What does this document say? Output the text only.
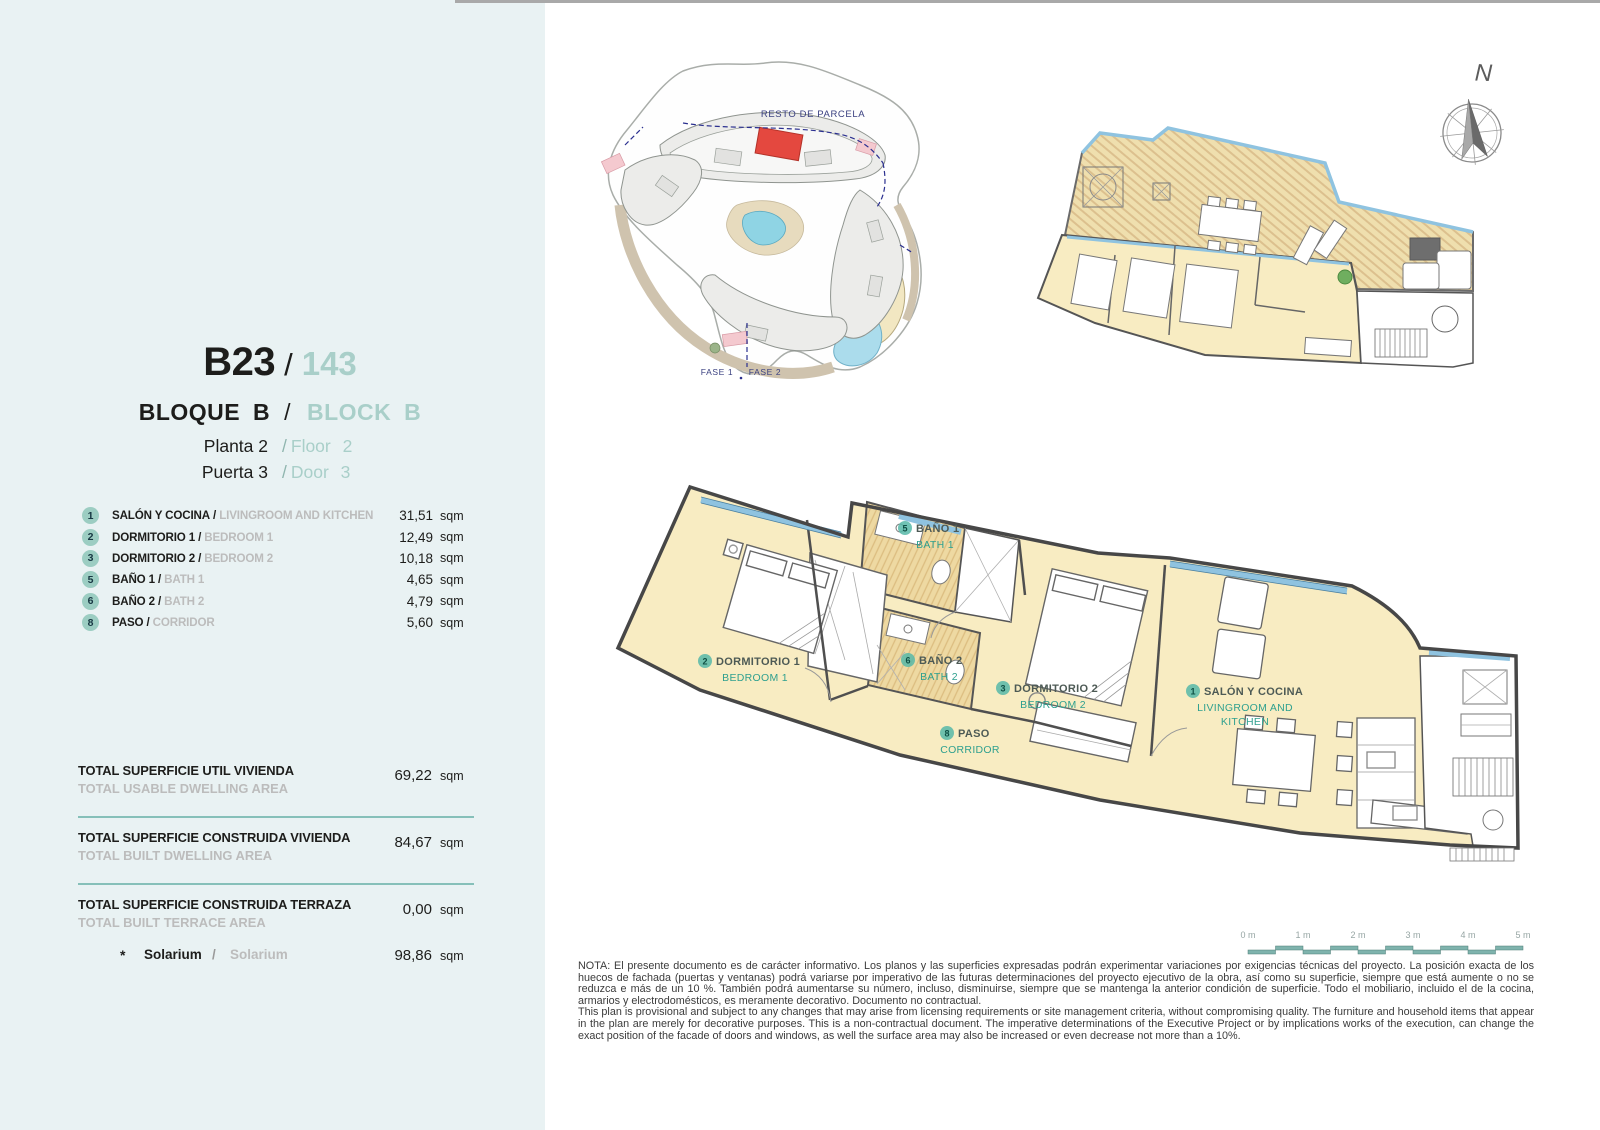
B23 / 143
BLOQUE B / BLOCK B
Planta 2 / Floor 2
Puerta 3 / Door 3
1	SALÓN Y COCINA / LIVINGROOM AND KITCHEN	31,51 sqm
2	DORMITORIO 1 / BEDROOM 1	12,49 sqm
3	DORMITORIO 2 / BEDROOM 2	10,18 sqm
5	BAÑO 1 / BATH 1	4,65 sqm
6	BAÑO 2 / BATH 2	4,79 sqm
8	PASO / CORRIDOR	5,60 sqm
TOTAL SUPERFICIE UTIL VIVIENDA
TOTAL USABLE DWELLING AREA
69,22 sqm
TOTAL SUPERFICIE CONSTRUIDA VIVIENDA
TOTAL BUILT DWELLING AREA
84,67 sqm
TOTAL SUPERFICIE CONSTRUIDA TERRAZA
TOTAL BUILT TERRACE AREA
0,00 sqm
* Solarium / Solarium	98,86 sqm
RESTO DE PARCELA
FASE 1 FASE 2
N
5 BAÑO 1
BATH 1
2 DORMITORIO 1
BEDROOM 1
6 BAÑO 2
BATH 2
3 DORMITORIO 2
BEDROOM 2
8 PASO
CORRIDOR
1 SALÓN Y COCINA
LIVINGROOM AND
KITCHEN
0 m	1 m	2 m	3 m	4 m	5 m

NOTA: El presente documento es de carácter informativo. Los planos y las superficies expresadas podrán experimentar variaciones por exigencias técnicas del proyecto. La posición exacta de los huecos de fachada (puertas y ventanas) podrá variarse por imperativo de las futuras determinaciones del proyecto ejecutivo de la obra, así como su superficie, siempre que está aumente o no se reduzca e más de un 10 %. También podrá aumentarse su número, incluso, disminuirse, siempre que se mantenga la anterior condición de superficie. Todo el mobiliario, incluido el de la cocina, armarios y electrodomésticos, es meramente decorativo. Documento no contractual.

This plan is provisional and subject to any changes that may arise from licensing requirements or site management criteria, without compromising quality. The furniture and household items that appear in the plan are merely for decorative purposes. This is a non-contractual document. The imperative determinations of the Executive Project or by implications works of the execution, can change the exact position of the facade of doors and windows, as well the surface area may also be increased or even decrease not more than a 10%.
